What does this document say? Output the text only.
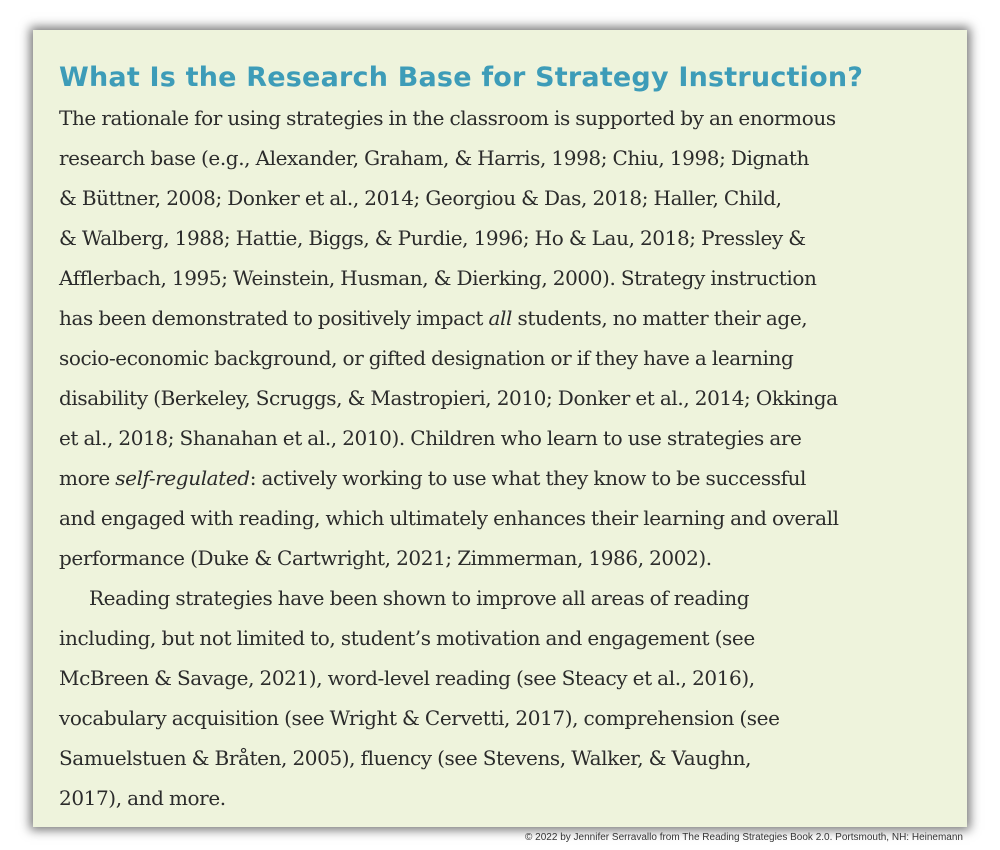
What Is the Research Base for Strategy Instruction?
The rationale for using strategies in the classroom is supported by an enormous
research base (e.g., Alexander, Graham, & Harris, 1998; Chiu, 1998; Dignath
& Büttner, 2008; Donker et al., 2014; Georgiou & Das, 2018; Haller, Child,
& Walberg, 1988; Hattie, Biggs, & Purdie, 1996; Ho & Lau, 2018; Pressley &
Afflerbach, 1995; Weinstein, Husman, & Dierking, 2000). Strategy instruction
has been demonstrated to positively impact all students, no matter their age,
socio-economic background, or gifted designation or if they have a learning
disability (Berkeley, Scruggs, & Mastropieri, 2010; Donker et al., 2014; Okkinga
et al., 2018; Shanahan et al., 2010). Children who learn to use strategies are
more self-regulated: actively working to use what they know to be successful
and engaged with reading, which ultimately enhances their learning and overall
performance (Duke & Cartwright, 2021; Zimmerman, 1986, 2002).
Reading strategies have been shown to improve all areas of reading
including, but not limited to, student’s motivation and engagement (see
McBreen & Savage, 2021), word-level reading (see Steacy et al., 2016),
vocabulary acquisition (see Wright & Cervetti, 2017), comprehension (see
Samuelstuen & Bråten, 2005), fluency (see Stevens, Walker, & Vaughn,
2017), and more.
© 2022 by Jennifer Serravallo from The Reading Strategies Book 2.0. Portsmouth, NH: Heinemann
